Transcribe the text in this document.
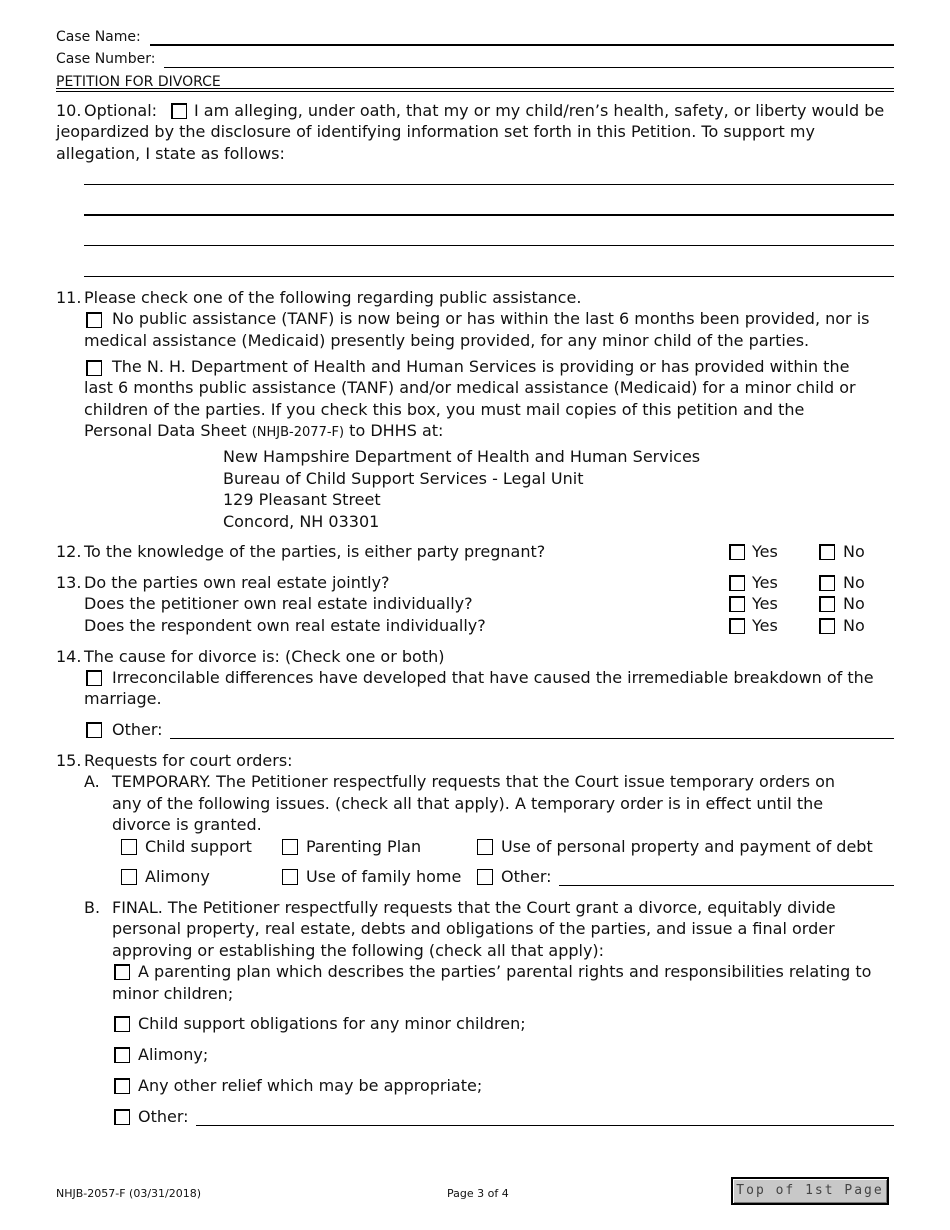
Case Name:
Case Number:
PETITION FOR DIVORCE
10. Optional: I am alleging, under oath, that my or my child/ren’s health, safety, or liberty would be
jeopardized by the disclosure of identifying information set forth in this Petition. To support my
allegation, I state as follows:
11. Please check one of the following regarding public assistance.
No public assistance (TANF) is now being or has within the last 6 months been provided, nor is
medical assistance (Medicaid) presently being provided, for any minor child of the parties.
The N. H. Department of Health and Human Services is providing or has provided within the
last 6 months public assistance (TANF) and/or medical assistance (Medicaid) for a minor child or
children of the parties. If you check this box, you must mail copies of this petition and the
Personal Data Sheet (NHJB-2077-F) to DHHS at:
New Hampshire Department of Health and Human Services
Bureau of Child Support Services - Legal Unit
129 Pleasant Street
Concord, NH 03301
12. To the knowledge of the parties, is either party pregnant?	Yes	No
13. Do the parties own real estate jointly?	Yes	No
Does the petitioner own real estate individually?	Yes	No
Does the respondent own real estate individually?	Yes	No
14. The cause for divorce is: (Check one or both)
Irreconcilable differences have developed that have caused the irremediable breakdown of the
marriage.
Other:
15. Requests for court orders:
A. TEMPORARY. The Petitioner respectfully requests that the Court issue temporary orders on
any of the following issues. (check all that apply). A temporary order is in effect until the
divorce is granted.
Child support	Parenting Plan	Use of personal property and payment of debt
Alimony	Use of family home Other:
B. FINAL. The Petitioner respectfully requests that the Court grant a divorce, equitably divide
personal property, real estate, debts and obligations of the parties, and issue a final order
approving or establishing the following (check all that apply):
A parenting plan which describes the parties’ parental rights and responsibilities relating to
minor children;
Child support obligations for any minor children;
Alimony;
Any other relief which may be appropriate;
Other:
NHJB-2057-F (03/31/2018)	Page 3 of 4	Top of 1st Page
